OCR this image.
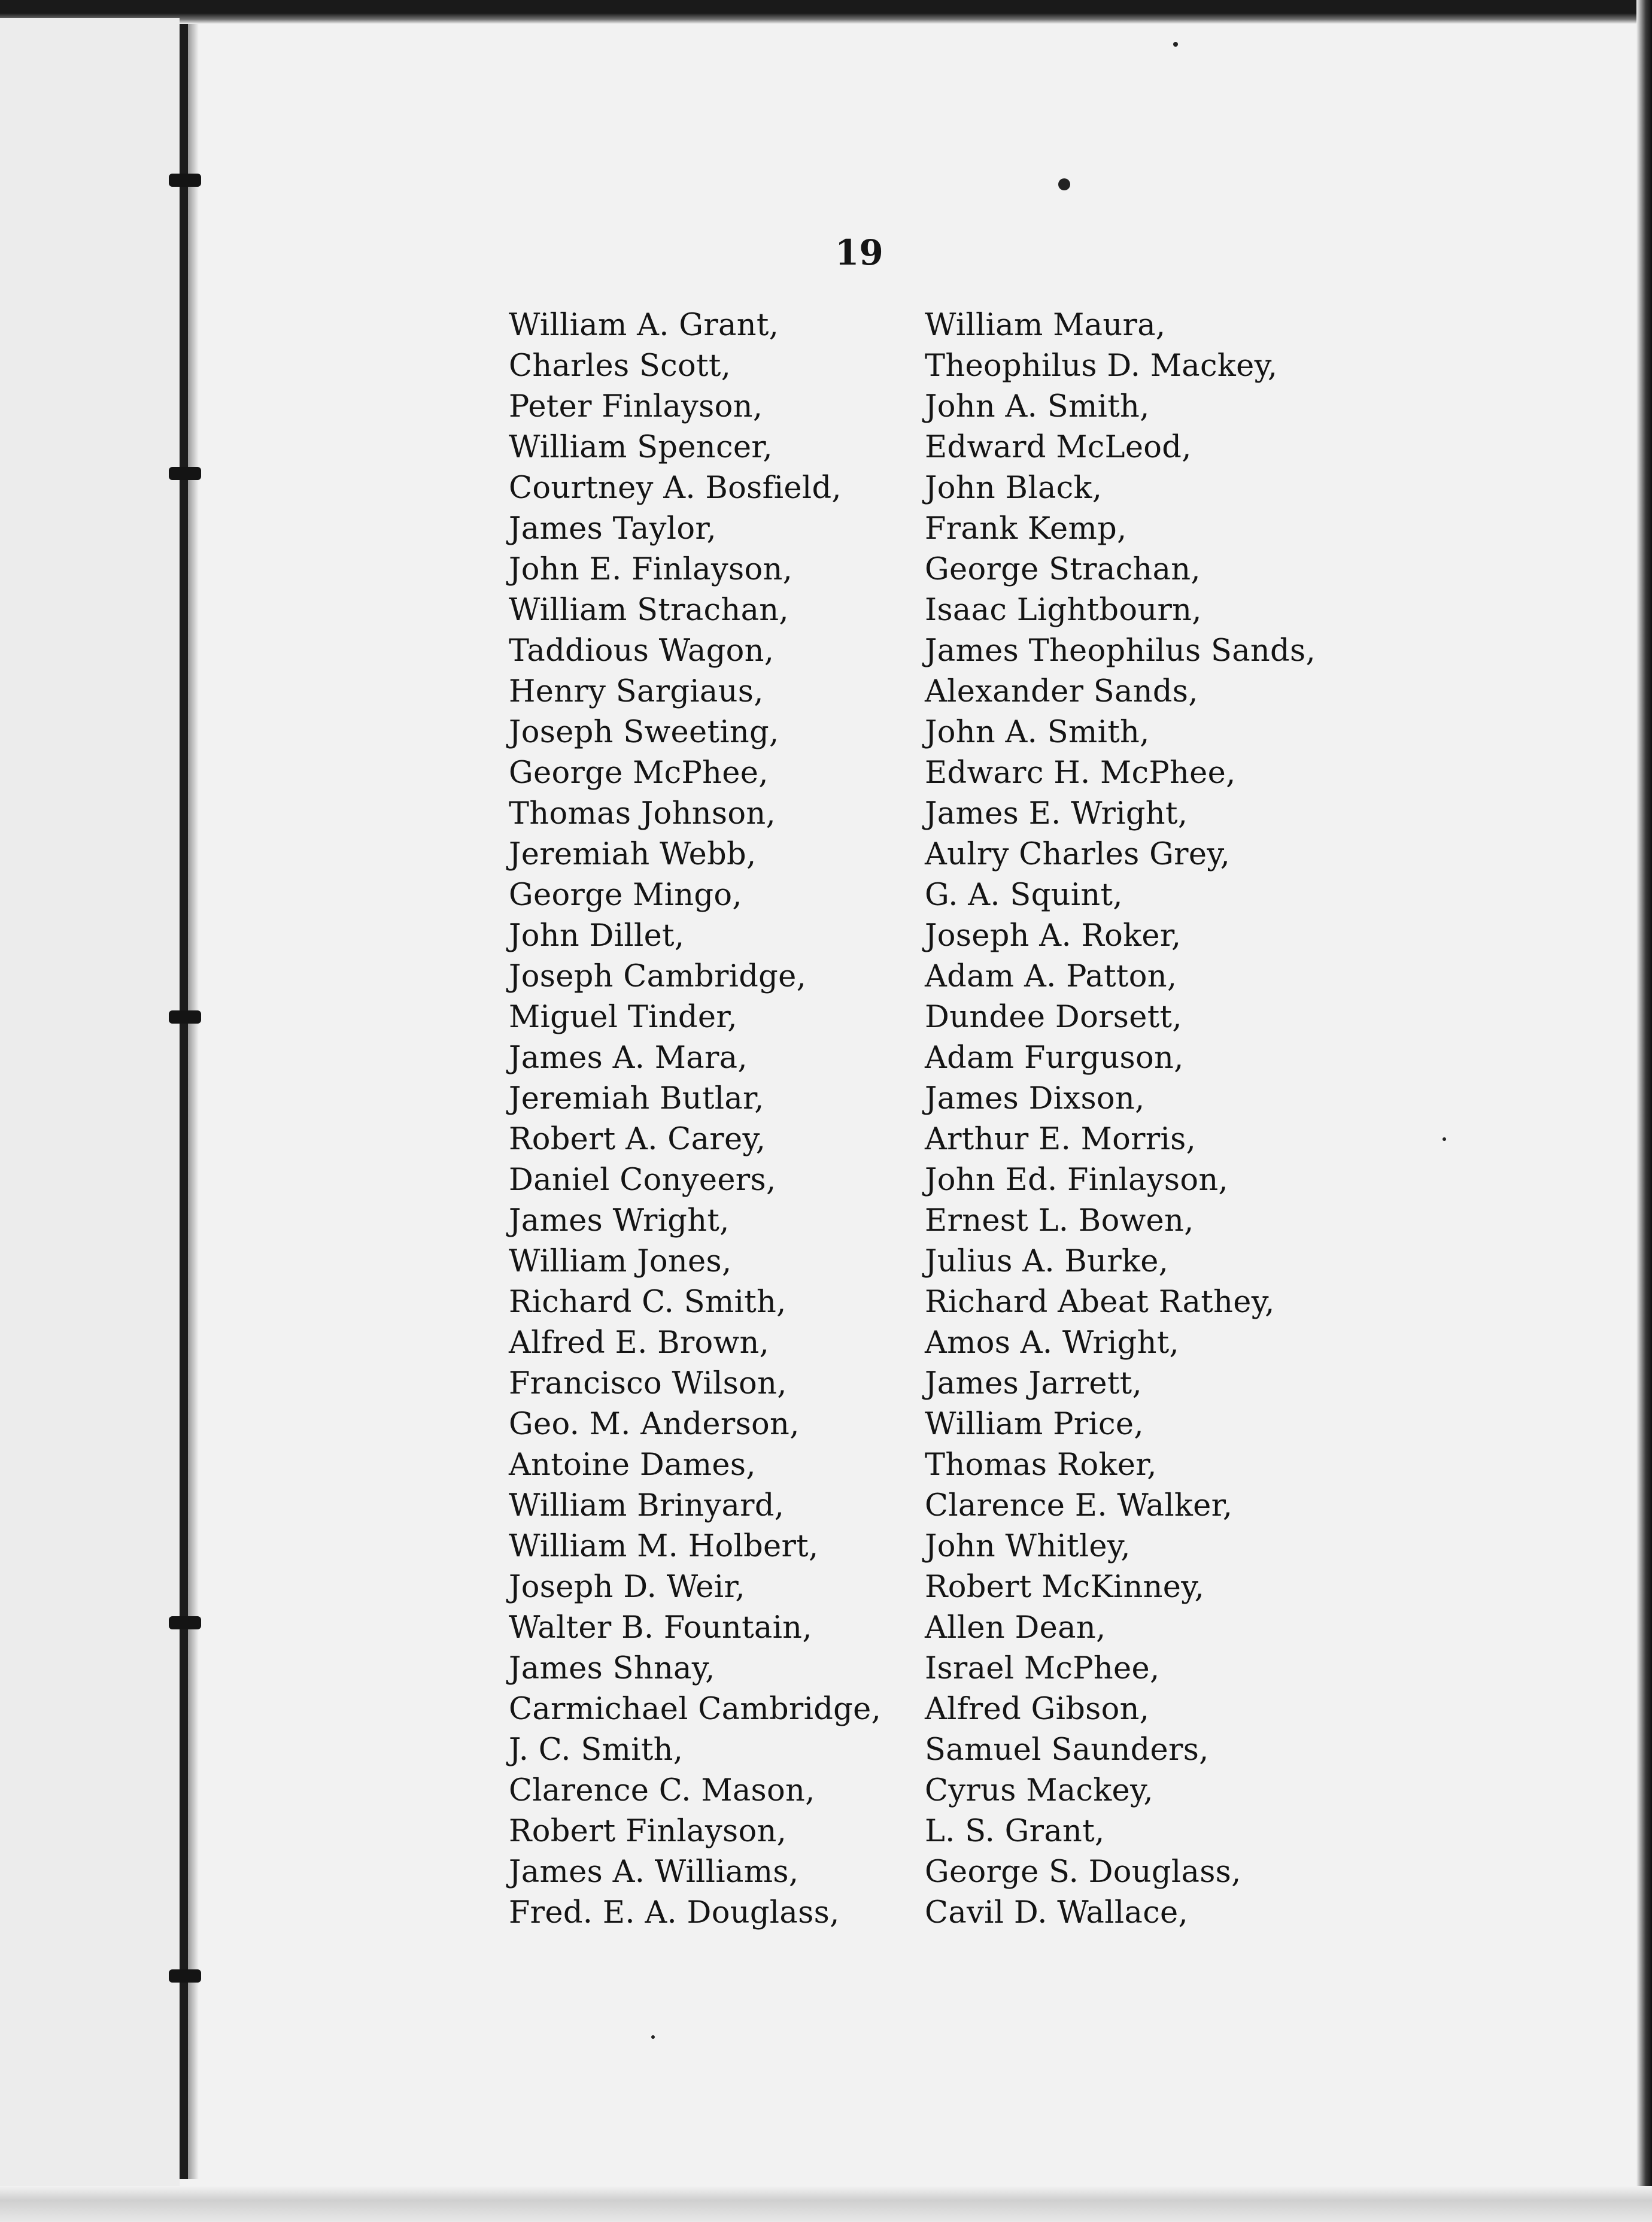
19
William A. Grant,
Charles Scott,
Peter Finlayson,
William Spencer,
Courtney A. Bosfield,
James Taylor,
John E. Finlayson,
William Strachan,
Taddious Wagon,
Henry Sargiaus,
Joseph Sweeting,
George McPhee,
Thomas Johnson,
Jeremiah Webb,
George Mingo,
John Dillet,
Joseph Cambridge,
Miguel Tinder,
James A. Mara,
Jeremiah Butlar,
Robert A. Carey,
Daniel Conyeers,
James Wright,
William Jones,
Richard C. Smith,
Alfred E. Brown,
Francisco Wilson,
Geo. M. Anderson,
Antoine Dames,
William Brinyard,
William M. Holbert,
Joseph D. Weir,
Walter B. Fountain,
James Shnay,
Carmichael Cambridge,
J. C. Smith,
Clarence C. Mason,
Robert Finlayson,
James A. Williams,
Fred. E. A. Douglass,
William Maura,
Theophilus D. Mackey,
John A. Smith,
Edward McLeod,
John Black,
Frank Kemp,
George Strachan,
Isaac Lightbourn,
James Theophilus Sands,
Alexander Sands,
John A. Smith,
Edwarc H. McPhee,
James E. Wright,
Aulry Charles Grey,
G. A. Squint,
Joseph A. Roker,
Adam A. Patton,
Dundee Dorsett,
Adam Furguson,
James Dixson,
Arthur E. Morris,
John Ed. Finlayson,
Ernest L. Bowen,
Julius A. Burke,
Richard Abeat Rathey,
Amos A. Wright,
James Jarrett,
William Price,
Thomas Roker,
Clarence E. Walker,
John Whitley,
Robert McKinney,
Allen Dean,
Israel McPhee,
Alfred Gibson,
Samuel Saunders,
Cyrus Mackey,
L. S. Grant,
George S. Douglass,
Cavil D. Wallace,
